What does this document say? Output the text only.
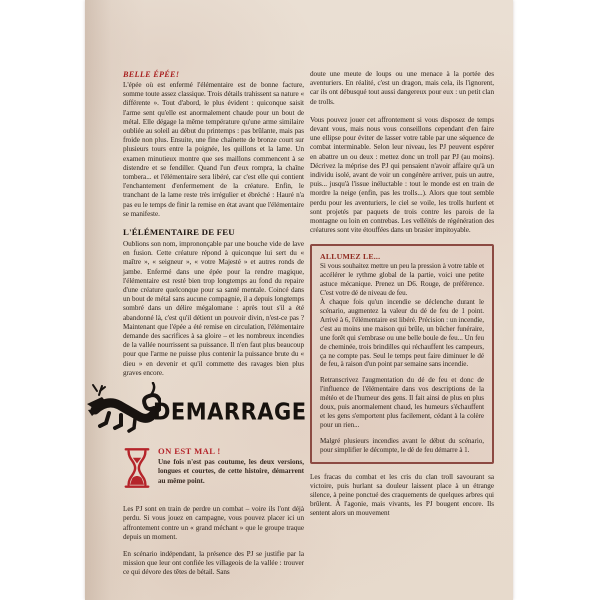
BELLE ÉPÉE!

L'épée où est enfermé l'élémentaire est de bonne facture, somme toute assez classique. Trois détails trahissent sa nature « différente ». Tout d'abord, le plus évident : quiconque saisit l'arme sent qu'elle est anormalement chaude pour un bout de métal. Elle dégage la même température qu'une arme similaire oubliée au soleil au début du printemps : pas brûlante, mais pas froide non plus. Ensuite, une fine chaînette de bronze court sur plusieurs tours entre la poignée, les quillons et la lame. Un examen minutieux montre que ses maillons commencent à se distendre et se fendiller. Quand l'un d'eux rompra, la chaîne tombera... et l'élémentaire sera libéré, car c'est elle qui contient l'enchantement d'enfermement de la créature. Enfin, le tranchant de la lame reste très irrégulier et ébréché : Hauré n'a pas eu le temps de finir la remise en état avant que l'élémentaire se manifeste.

L'ÉLÉMENTAIRE DE FEU

Oublions son nom, imprononçable par une bouche vide de lave en fusion. Cette créature répond à quiconque lui sert du « maître », « seigneur », « votre Majesté » et autres ronds de jambe. Enfermé dans une épée pour la rendre magique, l'élémentaire est resté bien trop longtemps au fond du repaire d'une créature quelconque pour sa santé mentale. Coincé dans un bout de métal sans aucune compagnie, il a depuis longtemps sombré dans un délire mégalomane : après tout s'il a été abandonné là, c'est qu'il détient un pouvoir divin, n'est-ce pas ? Maintenant que l'épée a été remise en circulation, l'élémentaire demande des sacrifices à sa gloire – et les nombreux incendies de la vallée nourrissent sa puissance. Il n'en faut plus beaucoup pour que l'arme ne puisse plus contenir la puissance brute du « dieu » en devenir et qu'il commette des ravages bien plus graves encore.

DEMARRAGE
ON EST MAL !

Une fois n'est pas coutume, les deux versions, longues et courtes, de cette histoire, démarrent au même point.

Les PJ sont en train de perdre un combat – voire ils l'ont déjà perdu. Si vous jouez en campagne, vous pouvez placer ici un affrontement contre un « grand méchant » que le groupe traque depuis un moment.

En scénario indépendant, la présence des PJ se justifie par la mission que leur ont confiée les villageois de la vallée : trouver ce qui dévore des têtes de bétail. Sans

doute une meute de loups ou une menace à la portée des aventuriers. En réalité, c'est un dragon, mais cela, ils l'ignorent, car ils ont débusqué tout aussi dangereux pour eux : un petit clan de trolls.

Vous pouvez jouer cet affrontement si vous disposez de temps devant vous, mais nous vous conseillons cependant d'en faire une ellipse pour éviter de lasser votre table par une séquence de combat interminable. Selon leur niveau, les PJ peuvent espérer en abattre un ou deux : mettez donc un troll par PJ (au moins). Décrivez la méprise des PJ qui pensaient n'avoir affaire qu'à un individu isolé, avant de voir un congénère arriver, puis un autre, puis... jusqu'à l'issue inéluctable : tout le monde est en train de mordre la neige (enfin, pas les trolls...). Alors que tout semble perdu pour les aventuriers, le ciel se voile, les trolls hurlent et sont projetés par paquets de trois contre les parois de la montagne ou loin en contrebas. Les velléités de régénération des créatures sont vite étouffées dans un brasier impitoyable.

ALLUMEZ LE...

Si vous souhaitez mettre un peu la pression à votre table et accélérer le rythme global de la partie, voici une petite astuce mécanique. Prenez un D6. Rouge, de préférence. C'est votre dé de niveau de feu.

À chaque fois qu'un incendie se déclenche durant le scénario, augmentez la valeur du dé de feu de 1 point. Arrivé à 6, l'élémentaire est libéré. Précision : un incendie, c'est au moins une maison qui brûle, un bûcher funéraire, une forêt qui s'embrase ou une belle boule de feu... Un feu de cheminée, trois brindilles qui réchauffent les campeurs, ça ne compte pas. Seul le temps peut faire diminuer le dé de feu, à raison d'un point par semaine sans incendie.

Retranscrivez l'augmentation du dé de feu et donc de l'influence de l'élémentaire dans vos descriptions de la météo et de l'humeur des gens. Il fait ainsi de plus en plus doux, puis anormalement chaud, les humeurs s'échauffent et les gens s'emportent plus facilement, cédant à la colère pour un rien...

Malgré plusieurs incendies avant le début du scénario, pour simplifier le décompte, le dé de feu démarre à 1.

Les fracas du combat et les cris du clan troll savourant sa victoire, puis hurlant sa douleur laissent place à un étrange silence, à peine ponctué des craquements de quelques arbres qui brûlent. À l'agonie, mais vivants, les PJ bougent encore. Ils sentent alors un mouvement
